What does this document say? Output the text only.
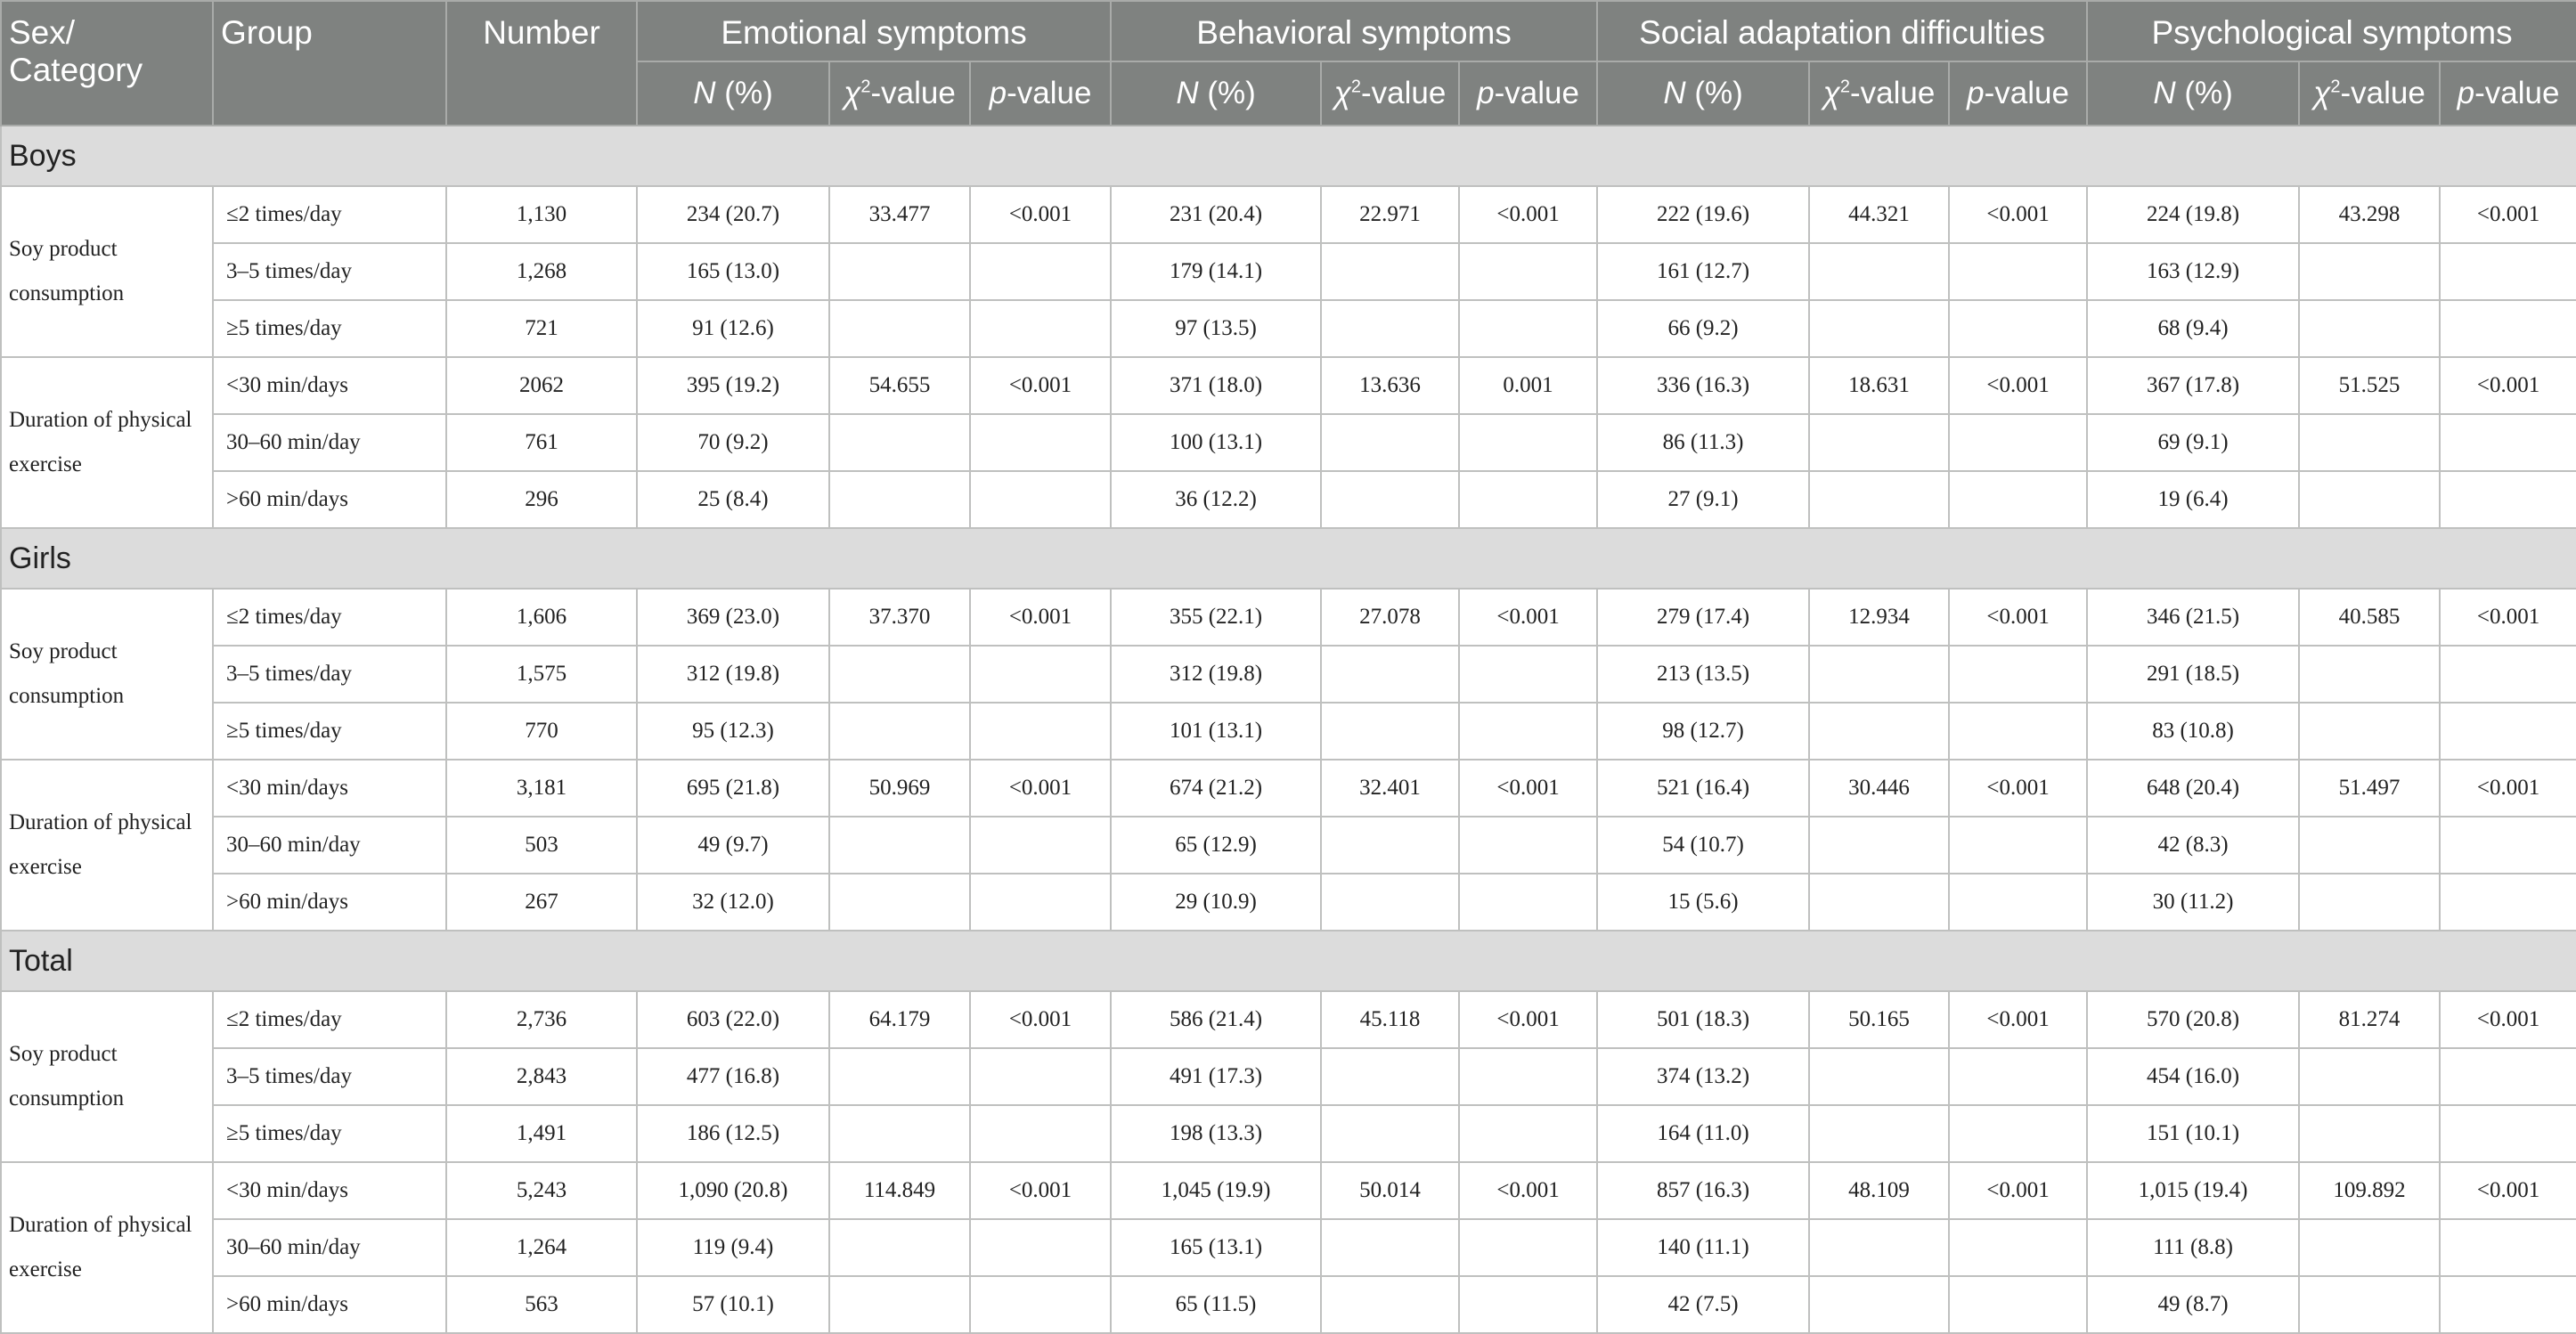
Sex/ Category	Group	Number	Emotional symptoms			Behavioral symptoms			Social adaptation difficulties			Psychological symptoms		
			N (%)	$\chi^2$-value	p-value	N (%)	$\chi^2$-value	p-value	N (%)	$\chi^2$-value	p-value	N (%)	$\chi^2$-value	p-value
Boys														
Soy product consumption	≤2 times/day	1,130	234 (20.7)	33.477	<0.001	231 (20.4)	22.971	<0.001	222 (19.6)	44.321	<0.001	224 (19.8)	43.298	<0.001
	3–5 times/day	1,268	165 (13.0)			179 (14.1)			161 (12.7)			163 (12.9)		
	≥5 times/day	721	91 (12.6)			97 (13.5)			66 (9.2)			68 (9.4)		
Duration of physical exercise	<30 min/days	2062	395 (19.2)	54.655	<0.001	371 (18.0)	13.636	0.001	336 (16.3)	18.631	<0.001	367 (17.8)	51.525	<0.001
	30–60 min/day	761	70 (9.2)			100 (13.1)			86 (11.3)			69 (9.1)		
	>60 min/days	296	25 (8.4)			36 (12.2)			27 (9.1)			19 (6.4)		
Girls														
Soy product consumption	≤2 times/day	1,606	369 (23.0)	37.370	<0.001	355 (22.1)	27.078	<0.001	279 (17.4)	12.934	<0.001	346 (21.5)	40.585	<0.001
	3–5 times/day	1,575	312 (19.8)			312 (19.8)			213 (13.5)			291 (18.5)		
	≥5 times/day	770	95 (12.3)			101 (13.1)			98 (12.7)			83 (10.8)		
Duration of physical exercise	<30 min/days	3,181	695 (21.8)	50.969	<0.001	674 (21.2)	32.401	<0.001	521 (16.4)	30.446	<0.001	648 (20.4)	51.497	<0.001
	30–60 min/day	503	49 (9.7)			65 (12.9)			54 (10.7)			42 (8.3)		
	>60 min/days	267	32 (12.0)			29 (10.9)			15 (5.6)			30 (11.2)		
Total														
Soy product consumption	≤2 times/day	2,736	603 (22.0)	64.179	<0.001	586 (21.4)	45.118	<0.001	501 (18.3)	50.165	<0.001	570 (20.8)	81.274	<0.001
	3–5 times/day	2,843	477 (16.8)			491 (17.3)			374 (13.2)			454 (16.0)		
	≥5 times/day	1,491	186 (12.5)			198 (13.3)			164 (11.0)			151 (10.1)		
Duration of physical exercise	<30 min/days	5,243	1,090 (20.8)	114.849	<0.001	1,045 (19.9)	50.014	<0.001	857 (16.3)	48.109	<0.001	1,015 (19.4)	109.892	<0.001
	30–60 min/day	1,264	119 (9.4)			165 (13.1)			140 (11.1)			111 (8.8)		
	>60 min/days	563	57 (10.1)			65 (11.5)			42 (7.5)			49 (8.7)		
